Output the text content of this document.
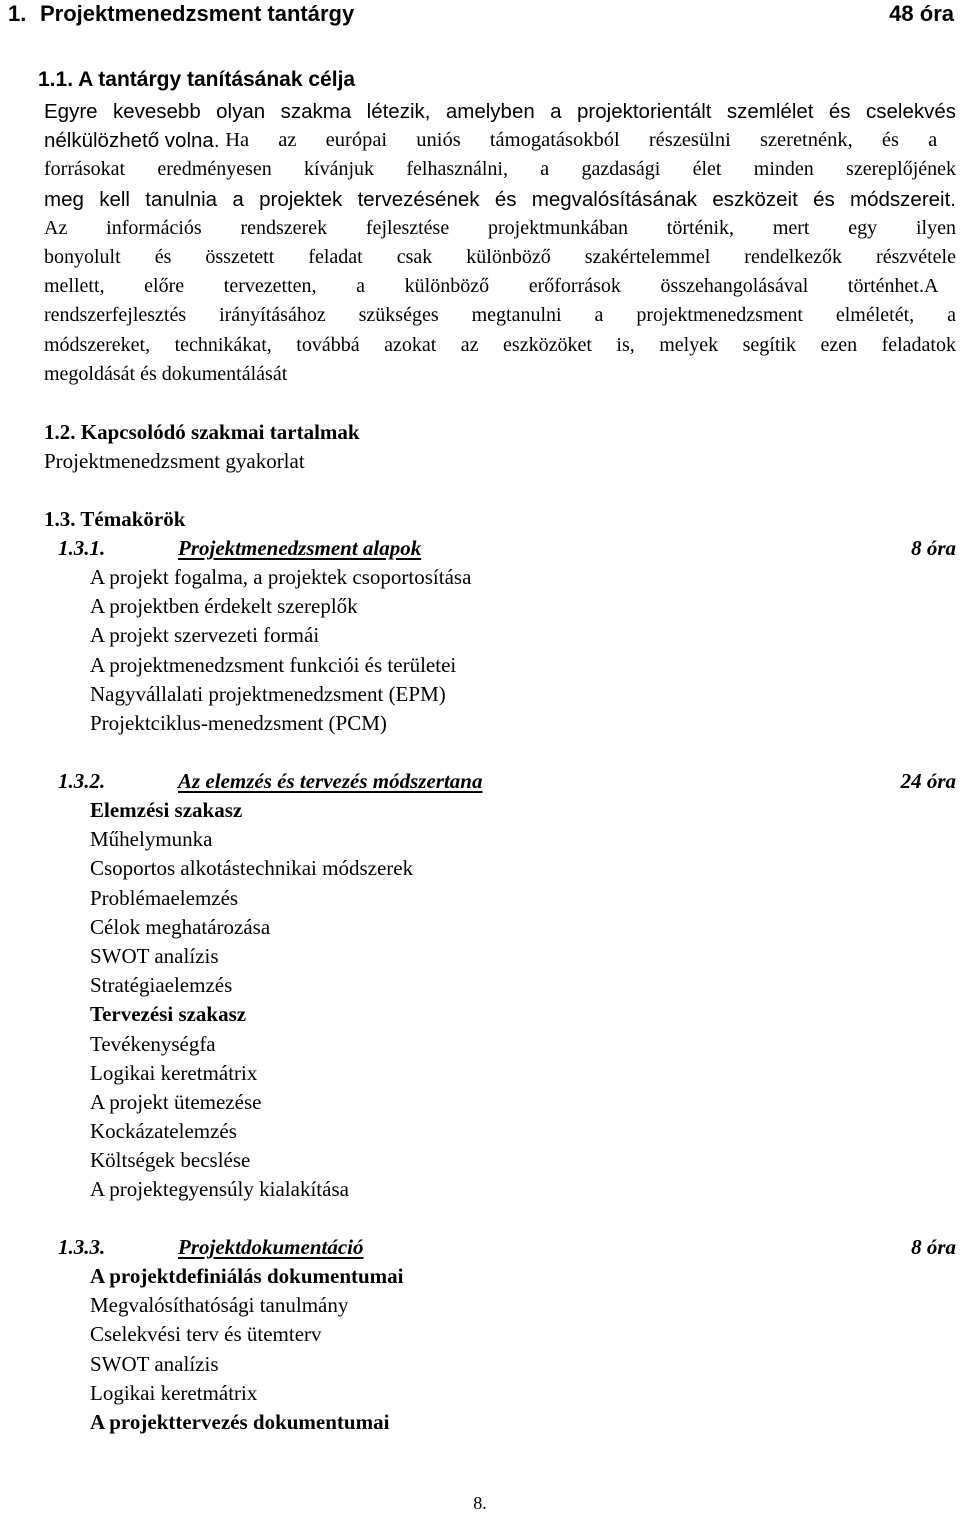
1. Projektmenedzsment tantárgy	48 óra
1.1. A tantárgy tanításának célja
Egyre kevesebb olyan szakma létezik, amelyben a projektorientált szemlélet és cselekvés
nélkülözhető volna. Ha az európai uniós támogatásokból részesülni szeretnénk, és a
forrásokat eredményesen kívánjuk felhasználni, a gazdasági élet minden szereplőjének
meg kell tanulnia a projektek tervezésének és megvalósításának eszközeit és módszereit.
Az információs rendszerek fejlesztése projektmunkában történik, mert egy ilyen
bonyolult és összetett feladat csak különböző szakértelemmel rendelkezők részvétele
mellett, előre tervezetten, a különböző erőforrások összehangolásával történhet.A
rendszerfejlesztés irányításához szükséges megtanulni a projektmenedzsment elméletét, a
módszereket, technikákat, továbbá azokat az eszközöket is, melyek segítik ezen feladatok
megoldását és dokumentálását
1.2. Kapcsolódó szakmai tartalmak
Projektmenedzsment gyakorlat
1.3. Témakörök
1.3.1.	Projektmenedzsment alapok	8 óra
A projekt fogalma, a projektek csoportosítása
A projektben érdekelt szereplők
A projekt szervezeti formái
A projektmenedzsment funkciói és területei
Nagyvállalati projektmenedzsment (EPM)
Projektciklus-menedzsment (PCM)
1.3.2.	Az elemzés és tervezés módszertana	24 óra
Elemzési szakasz
Műhelymunka
Csoportos alkotástechnikai módszerek
Problémaelemzés
Célok meghatározása
SWOT analízis
Stratégiaelemzés
Tervezési szakasz
Tevékenységfa
Logikai keretmátrix
A projekt ütemezése
Kockázatelemzés
Költségek becslése
A projektegyensúly kialakítása
1.3.3.	Projektdokumentáció	8 óra
A projektdefiniálás dokumentumai
Megvalósíthatósági tanulmány
Cselekvési terv és ütemterv
SWOT analízis
Logikai keretmátrix
A projekttervezés dokumentumai
8.
